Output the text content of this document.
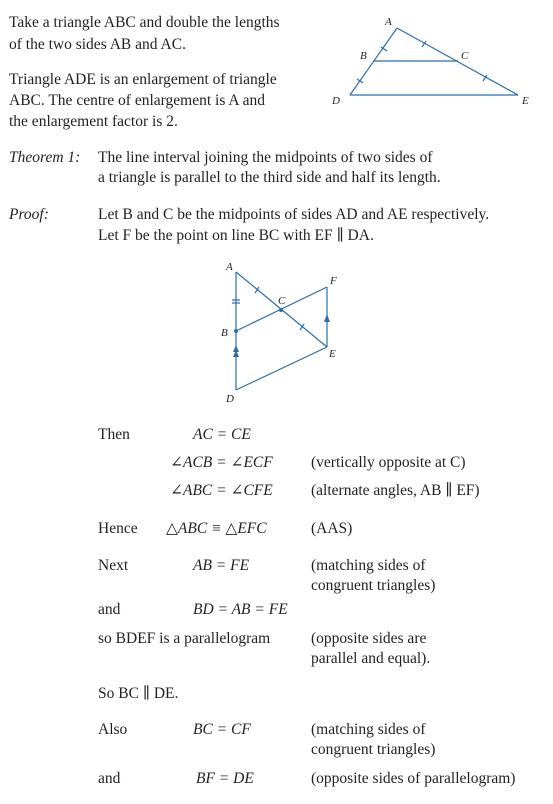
Take a triangle ABC and double the lengths
of the two sides AB and AC.
Triangle ADE is an enlargement of triangle
ABC. The centre of enlargement is A and
the enlargement factor is 2.
A
B	C
D	E
A
B
C
D
E
F
Theorem 1: The line interval joining the midpoints of two sides of
a triangle is parallel to the third side and half its length.
Proof:	Let B and C be the midpoints of sides AD and AE respectively.
Let F be the point on line BC with EF ∥ DA.
Then	AC = CE
∠ACB = ∠ECF (vertically opposite at C)
∠ABC = ∠CFE (alternate angles, AB ∥ EF)
Hence △ABC ≡ △EFC	(AAS)
Next	AB = FE	(matching sides of
congruent triangles)
and	BD = AB = FE
so BDEF is a parallelogram	(opposite sides are
parallel and equal).
So BC ∥ DE.
Also	BC = CF	(matching sides of
congruent triangles)
and	BF = DE	(opposite sides of parallelogram)
